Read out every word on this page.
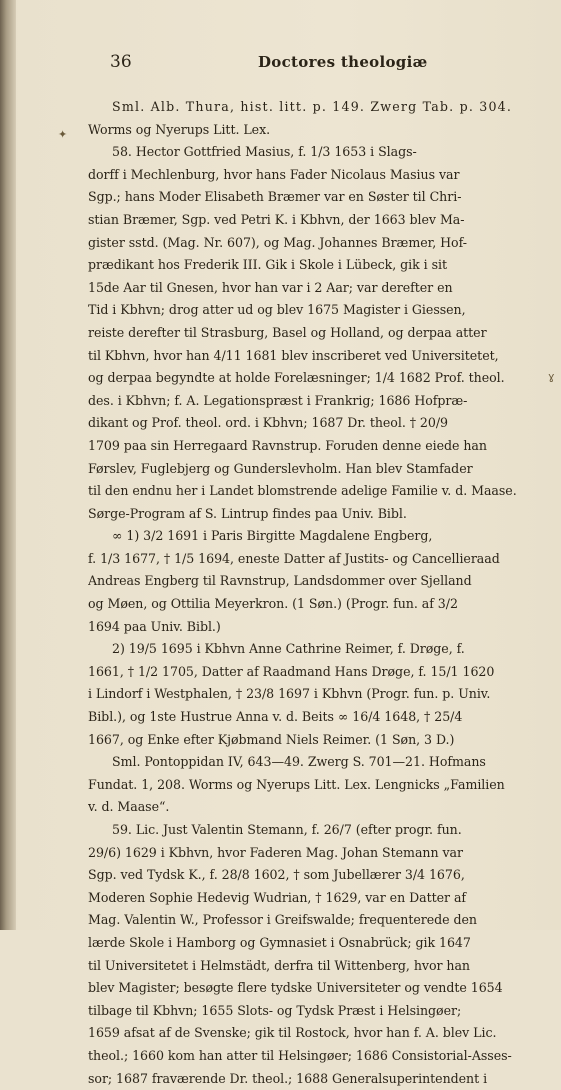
36	Doctores theologiæ
Sml. Alb. Thura, hist. litt. p. 149. Zwerg Tab. p. 304.
Worms og Nyerups Litt. Lex.
58. Hector Gottfried Masius, f. 1/3 1653 i Slags-
dorff i Mechlenburg, hvor hans Fader Nicolaus Masius var
Sgp.; hans Moder Elisabeth Bræmer var en Søster til Chri-
stian Bræmer, Sgp. ved Petri K. i Kbhvn, der 1663 blev Ma-
gister sstd. (Mag. Nr. 607), og Mag. Johannes Bræmer, Hof-
prædikant hos Frederik III. Gik i Skole i Lübeck, gik i sit
15de Aar til Gnesen, hvor han var i 2 Aar; var derefter en
Tid i Kbhvn; drog atter ud og blev 1675 Magister i Giessen,
reiste derefter til Strasburg, Basel og Holland, og derpaa atter
til Kbhvn, hvor han 4/11 1681 blev inscriberet ved Universitetet,
og derpaa begyndte at holde Forelæsninger; 1/4 1682 Prof. theol.
des. i Kbhvn; f. A. Legationspræst i Frankrig; 1686 Hofpræ-
dikant og Prof. theol. ord. i Kbhvn; 1687 Dr. theol. † 20/9
1709 paa sin Herregaard Ravnstrup. Foruden denne eiede han
Førslev, Fuglebjerg og Gunderslevholm. Han blev Stamfader
til den endnu her i Landet blomstrende adelige Familie v. d. Maase.
Sørge-Program af S. Lintrup findes paa Univ. Bibl.
∞ 1) 3/2 1691 i Paris Birgitte Magdalene Engberg,
f. 1/3 1677, † 1/5 1694, eneste Datter af Justits- og Cancellieraad
Andreas Engberg til Ravnstrup, Landsdommer over Sjelland
og Møen, og Ottilia Meyerkron. (1 Søn.) (Progr. fun. af 3/2
1694 paa Univ. Bibl.)
2) 19/5 1695 i Kbhvn Anne Cathrine Reimer, f. Drøge, f.
1661, † 1/2 1705, Datter af Raadmand Hans Drøge, f. 15/1 1620
i Lindorf i Westphalen, † 23/8 1697 i Kbhvn (Progr. fun. p. Univ.
Bibl.), og 1ste Hustrue Anna v. d. Beits ∞ 16/4 1648, † 25/4
1667, og Enke efter Kjøbmand Niels Reimer. (1 Søn, 3 D.)
Sml. Pontoppidan IV, 643—49. Zwerg S. 701—21. Hofmans
Fundat. 1, 208. Worms og Nyerups Litt. Lex. Lengnicks „Familien
v. d. Maase“.
59. Lic. Just Valentin Stemann, f. 26/7 (efter progr. fun.
29/6) 1629 i Kbhvn, hvor Faderen Mag. Johan Stemann var
Sgp. ved Tydsk K., f. 28/8 1602, † som Jubellærer 3/4 1676,
Moderen Sophie Hedevig Wudrian, † 1629, var en Datter af
Mag. Valentin W., Professor i Greifswalde; frequenterede den
lærde Skole i Hamborg og Gymnasiet i Osnabrück; gik 1647
til Universitetet i Helmstädt, derfra til Wittenberg, hvor han
blev Magister; besøgte flere tydske Universiteter og vendte 1654
tilbage til Kbhvn; 1655 Slots- og Tydsk Præst i Helsingøer;
1659 afsat af de Svenske; gik til Rostock, hvor han f. A. blev Lic.
theol.; 1660 kom han atter til Helsingøer; 1686 Consistorial-Asses-
sor; 1687 fraværende Dr. theol.; 1688 Generalsuperintendent i
✦
ɣ
